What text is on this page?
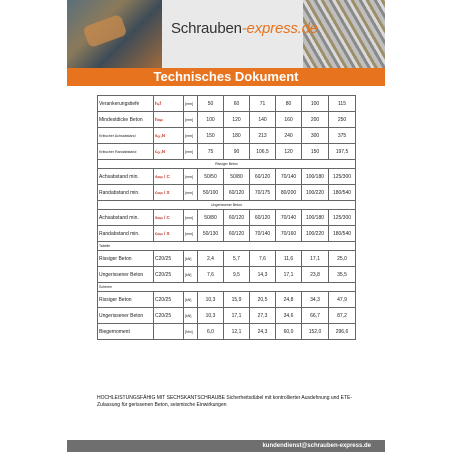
Schrauben-express.de
Technisches Dokument
Verankerungstiefe	hₑf	[mm]	50	60	71	80	100	115
Mindestdicke Beton	hₘᵢₙ	[mm]	100	120	140	160	200	250
Kritischer Achsabstand	sₒᵣ,N	[mm]	150	180	213	240	300	375
Kritischer Randabstand	cₒᵣ,N	[mm]	75	90	106,5	120	150	197,5
Rissiger Beton								
Achsabstand min.	sₘᵢₙ / C	[mm]	50/50	50/80	60/120	70/140	100/180	125/300
Randabstand min.	cₘᵢₙ / S	[mm]	50/100	60/120	70/175	80/200	100/220	180/540
Ungerissener Beton								
Achsabstand min.	sₘᵢₙ / C	[mm]	50/80	60/120	60/120	70/140	100/180	125/300
Randabstand min.	cₘᵢₙ / S	[mm]	50/130	60/120	70/140	70/160	100/220	180/540
Tabelle								
Rissiger Beton	C20/25	[kN]	2,4	5,7	7,6	11,6	17,1	25,0
Ungerissener Beton	C20/25	[kN]	7,6	9,5	14,3	17,1	23,8	35,5
Scheren								
Rissiger Beton	C20/25	[kN]	10,3	15,9	20,5	24,8	34,3	47,9
Ungerissener Beton	C20/25	[kN]	10,3	17,1	27,3	34,6	66,7	87,2
Biegemoment		[Nm]	6,0	12,1	24,3	60,0	152,0	296,6
HOCHLEISTUNGSFÄHIG MIT SECHSKANTSCHRAUBE Sicherheitsdübel mit kontrollierter Ausdehnung und ETE-Zulassung für gerissenen Beton, seismische Einwirkungen
kundendienst@schrauben-express.de
